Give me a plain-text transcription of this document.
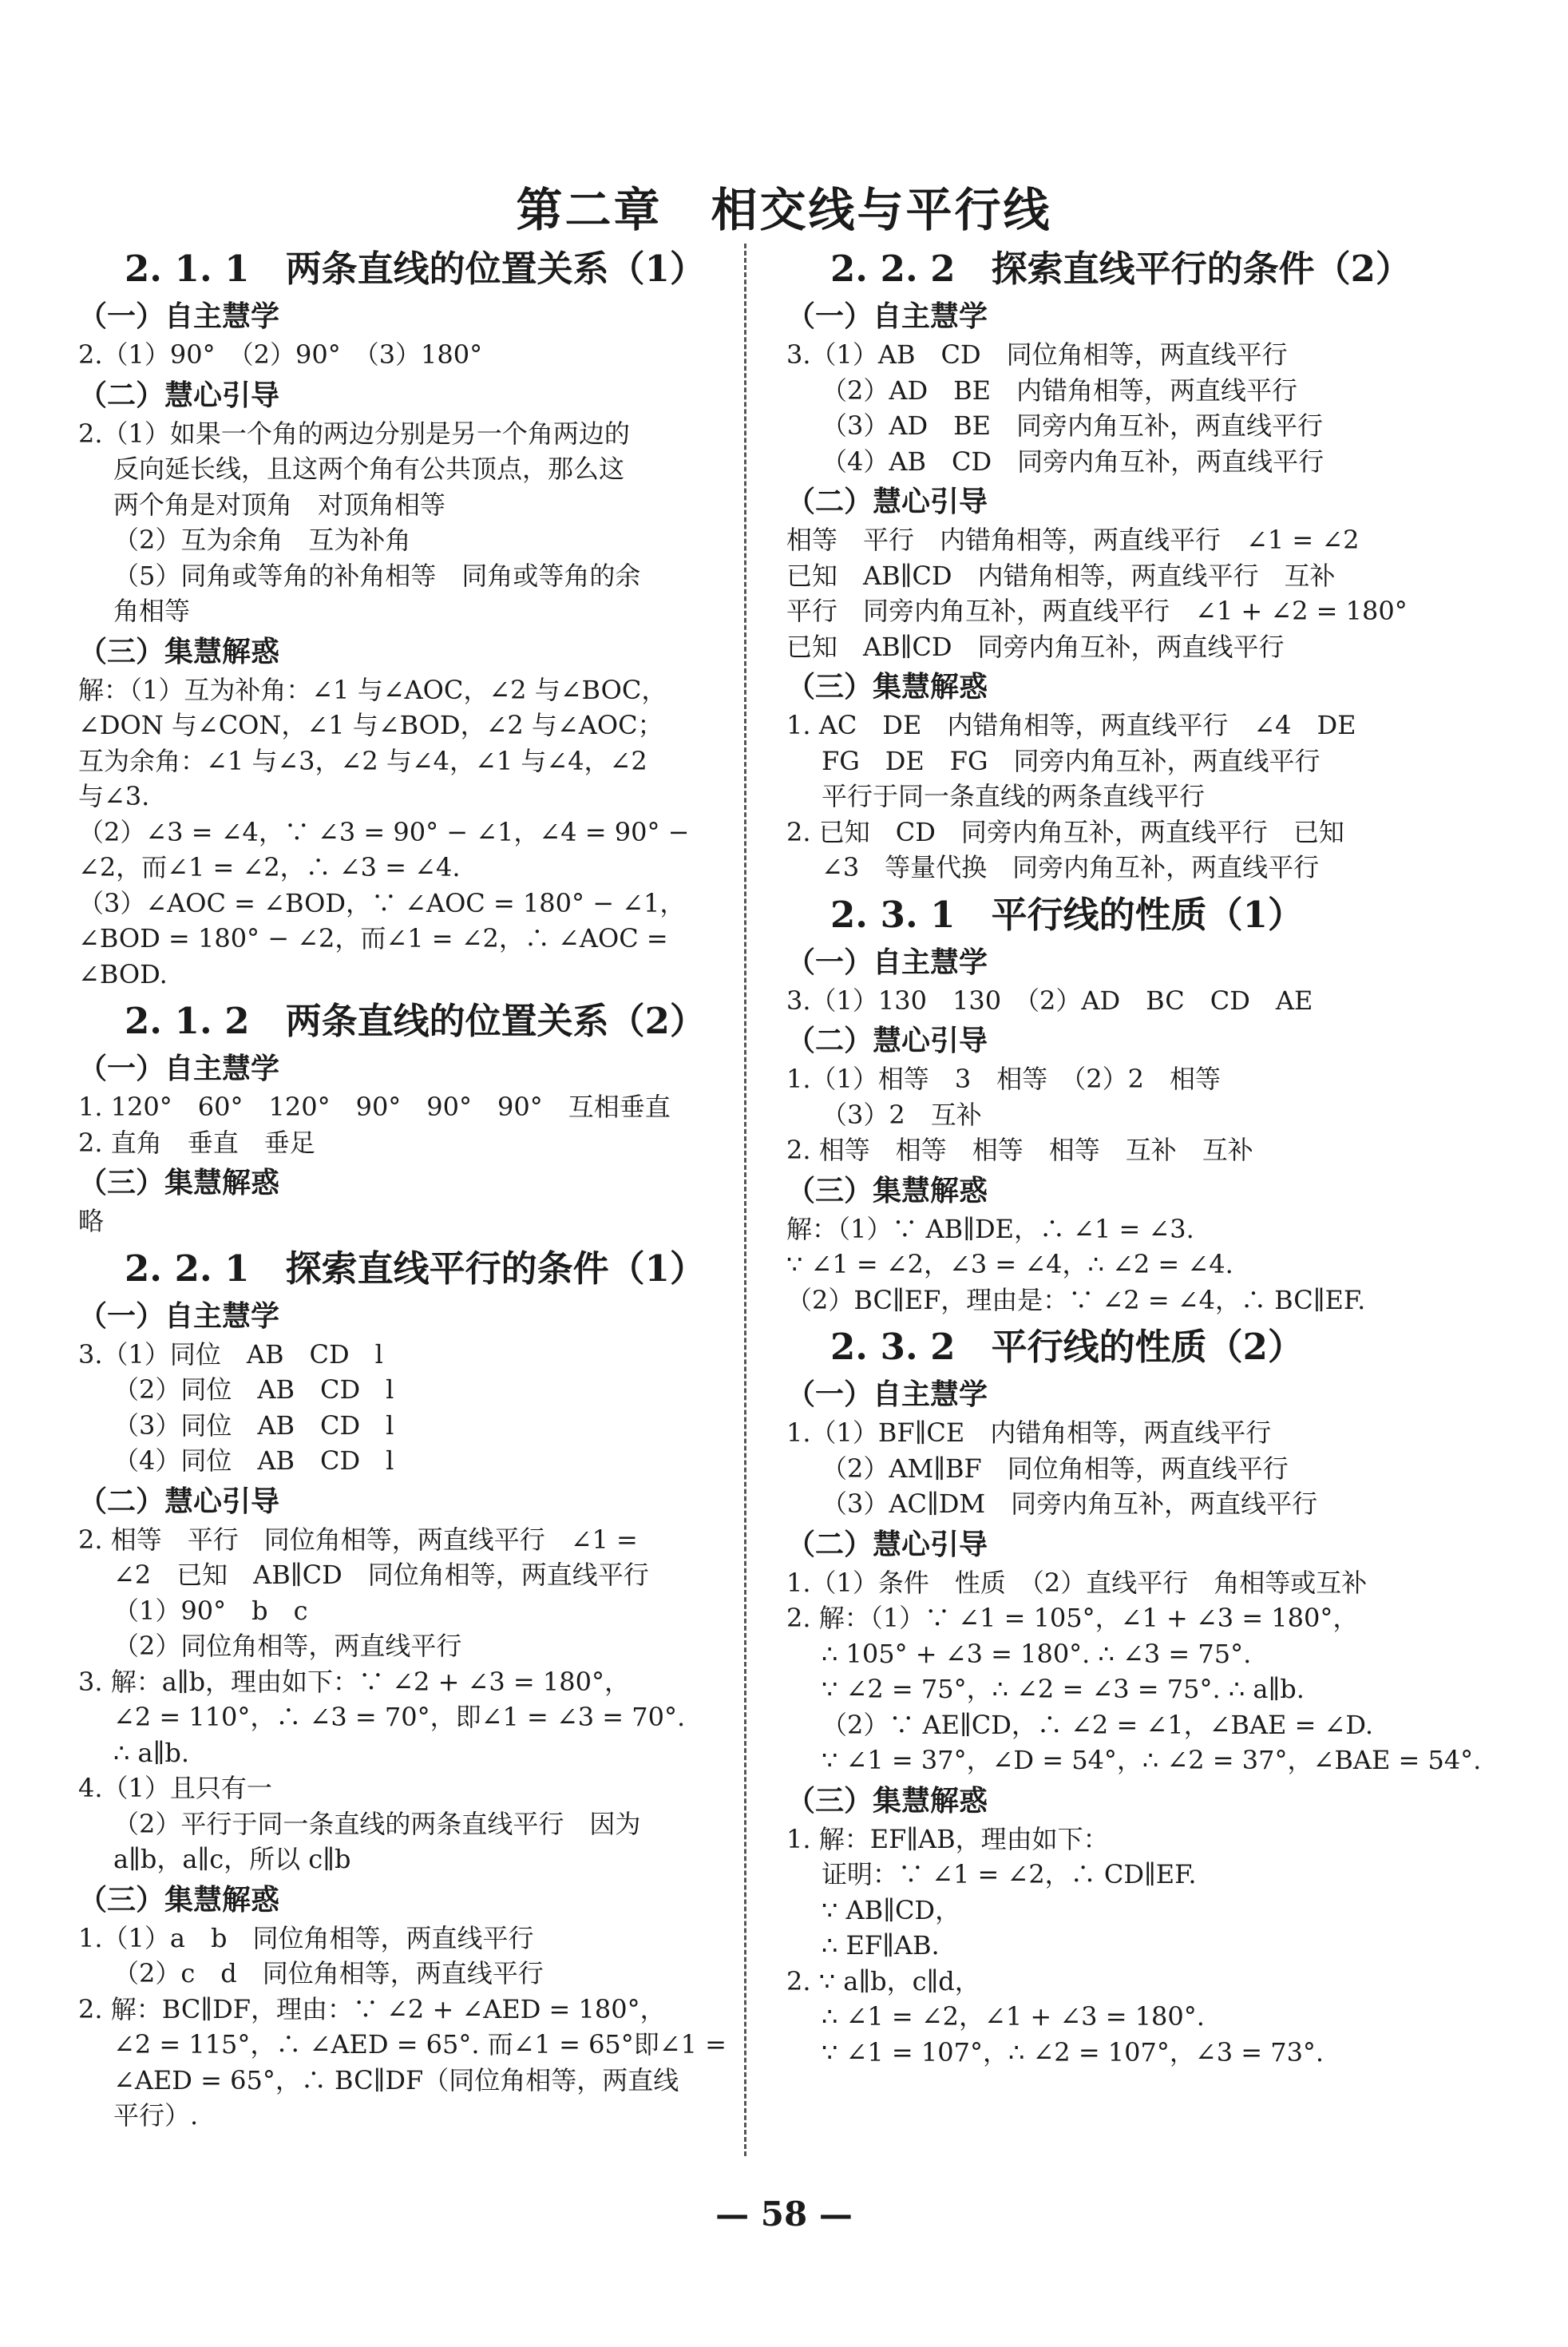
第二章　相交线与平行线
2. 1. 1　两条直线的位置关系（1）
（一）自主慧学
2.（1）90°　（2）90°　（3）180°
（二）慧心引导
2.（1）如果一个角的两边分别是另一个角两边的
反向延长线，且这两个角有公共顶点，那么这
两个角是对顶角　对顶角相等
（2）互为余角　互为补角
（5）同角或等角的补角相等　同角或等角的余
角相等
（三）集慧解惑
解：（1）互为补角：∠1 与∠AOC，∠2 与∠BOC，
∠DON 与∠CON，∠1 与∠BOD，∠2 与∠AOC；
互为余角：∠1 与∠3，∠2 与∠4，∠1 与∠4，∠2
与∠3.
（2）∠3 = ∠4，∵ ∠3 = 90° − ∠1，∠4 = 90° −
∠2，而∠1 = ∠2，∴ ∠3 = ∠4.
（3）∠AOC = ∠BOD，∵ ∠AOC = 180° − ∠1，
∠BOD = 180° − ∠2，而∠1 = ∠2，∴ ∠AOC =
∠BOD.
2. 1. 2　两条直线的位置关系（2）
（一）自主慧学
1. 120°　60°　120°　90°　90°　90°　互相垂直
2. 直角　垂直　垂足
（三）集慧解惑
略
2. 2. 1　探索直线平行的条件（1）
（一）自主慧学
3.（1）同位　AB　CD　l
（2）同位　AB　CD　l
（3）同位　AB　CD　l
（4）同位　AB　CD　l
（二）慧心引导
2. 相等　平行　同位角相等，两直线平行　∠1 =
∠2　已知　AB∥CD　同位角相等，两直线平行
（1）90°　b　c
（2）同位角相等，两直线平行
3. 解：a∥b，理由如下：∵ ∠2 + ∠3 = 180°，
∠2 = 110°，∴ ∠3 = 70°，即∠1 = ∠3 = 70°.
∴ a∥b.
4.（1）且只有一
（2）平行于同一条直线的两条直线平行　因为
a∥b，a∥c，所以 c∥b
（三）集慧解惑
1.（1）a　b　同位角相等，两直线平行
（2）c　d　同位角相等，两直线平行
2. 解：BC∥DF，理由：∵ ∠2 + ∠AED = 180°，
∠2 = 115°，∴ ∠AED = 65°. 而∠1 = 65°即∠1 =
∠AED = 65°，∴ BC∥DF（同位角相等，两直线
平行）.
2. 2. 2　探索直线平行的条件（2）
（一）自主慧学
3.（1）AB　CD　同位角相等，两直线平行
（2）AD　BE　内错角相等，两直线平行
（3）AD　BE　同旁内角互补，两直线平行
（4）AB　CD　同旁内角互补，两直线平行
（二）慧心引导
相等　平行　内错角相等，两直线平行　∠1 = ∠2
已知　AB∥CD　内错角相等，两直线平行　互补
平行　同旁内角互补，两直线平行　∠1 + ∠2 = 180°
已知　AB∥CD　同旁内角互补，两直线平行
（三）集慧解惑
1. AC　DE　内错角相等，两直线平行　∠4　DE
FG　DE　FG　同旁内角互补，两直线平行
平行于同一条直线的两条直线平行
2. 已知　CD　同旁内角互补，两直线平行　已知
∠3　等量代换　同旁内角互补，两直线平行
2. 3. 1　平行线的性质（1）
（一）自主慧学
3.（1）130　130　（2）AD　BC　CD　AE
（二）慧心引导
1.（1）相等　3　相等　（2）2　相等
（3）2　互补
2. 相等　相等　相等　相等　互补　互补
（三）集慧解惑
解：（1）∵ AB∥DE，∴ ∠1 = ∠3.
∵ ∠1 = ∠2，∠3 = ∠4，∴ ∠2 = ∠4.
（2）BC∥EF，理由是：∵ ∠2 = ∠4，∴ BC∥EF.
2. 3. 2　平行线的性质（2）
（一）自主慧学
1.（1）BF∥CE　内错角相等，两直线平行
（2）AM∥BF　同位角相等，两直线平行
（3）AC∥DM　同旁内角互补，两直线平行
（二）慧心引导
1.（1）条件　性质　（2）直线平行　角相等或互补
2. 解：（1）∵ ∠1 = 105°，∠1 + ∠3 = 180°，
∴ 105° + ∠3 = 180°. ∴ ∠3 = 75°.
∵ ∠2 = 75°，∴ ∠2 = ∠3 = 75°. ∴ a∥b.
（2）∵ AE∥CD，∴ ∠2 = ∠1，∠BAE = ∠D.
∵ ∠1 = 37°，∠D = 54°，∴ ∠2 = 37°，∠BAE = 54°.
（三）集慧解惑
1. 解：EF∥AB，理由如下：
证明：∵ ∠1 = ∠2，∴ CD∥EF.
∵ AB∥CD，
∴ EF∥AB.
2. ∵ a∥b，c∥d，
∴ ∠1 = ∠2，∠1 + ∠3 = 180°.
∵ ∠1 = 107°，∴ ∠2 = 107°，∠3 = 73°.
— 58 —
